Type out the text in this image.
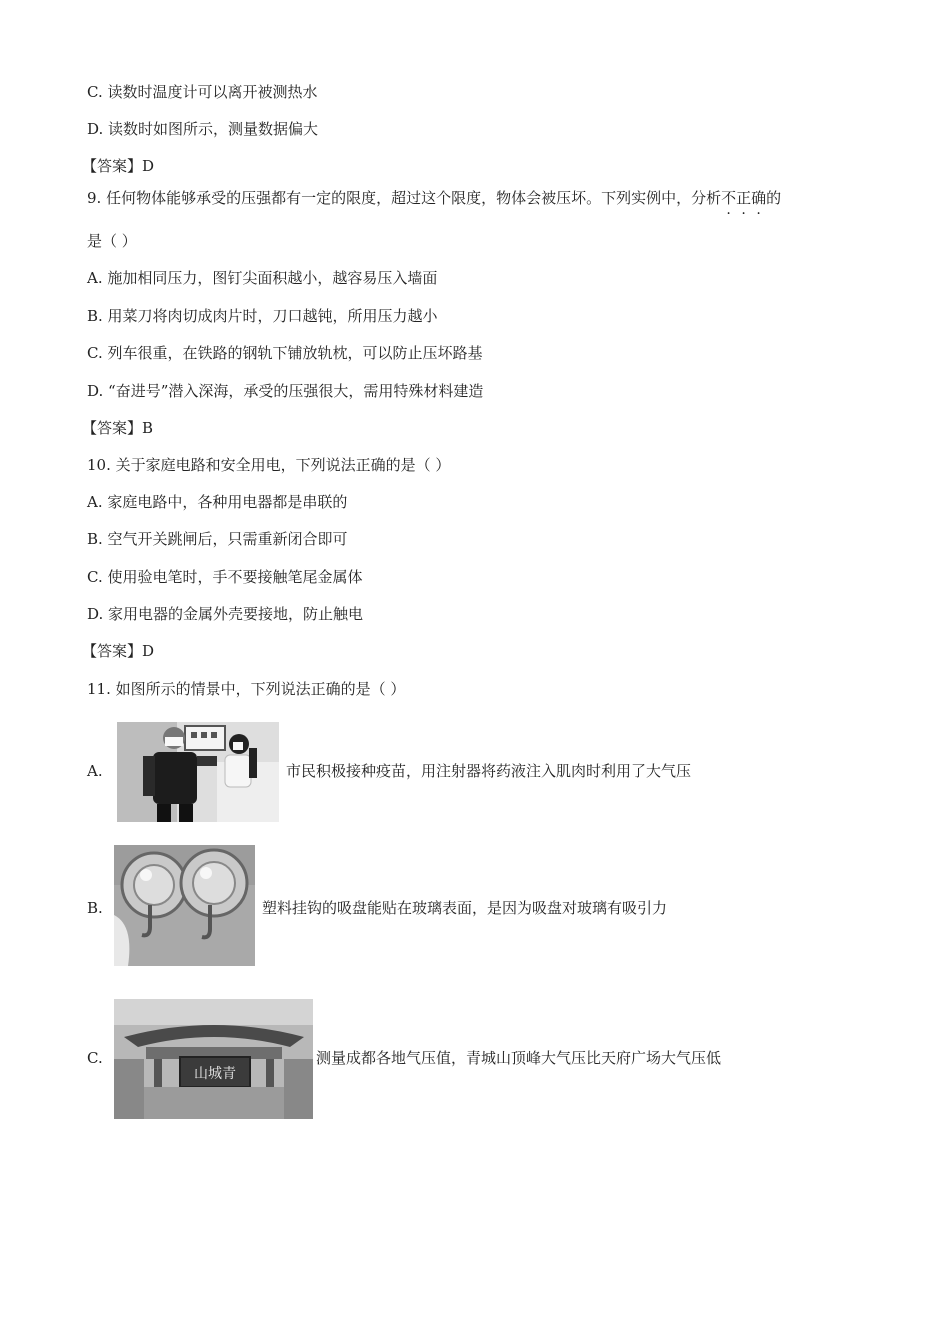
C. 读数时温度计可以离开被测热水
D. 读数时如图所示，测量数据偏大
【答案】D
9. 任何物体能够承受的压强都有一定的限度，超过这个限度，物体会被压坏。下列实例中，分析不正确的
是（ ）
A. 施加相同压力，图钉尖面积越小，越容易压入墙面
B. 用菜刀将肉切成肉片时，刀口越钝，所用压力越小
C. 列车很重，在铁路的钢轨下铺放轨枕，可以防止压坏路基
D. “奋进号”潜入深海，承受的压强很大，需用特殊材料建造
【答案】B
10. 关于家庭电路和安全用电，下列说法正确的是（ ）
A. 家庭电路中，各种用电器都是串联的
B. 空气开关跳闸后，只需重新闭合即可
C. 使用验电笔时，手不要接触笔尾金属体
D. 家用电器的金属外壳要接地，防止触电
【答案】D
11. 如图所示的情景中，下列说法正确的是（ ）
A.	市民积极接种疫苗，用注射器将药液注入肌肉时利用了大气压
B.	塑料挂钩的吸盘能贴在玻璃表面，是因为吸盘对玻璃有吸引力
C.
山城青
测量成都各地气压值，青城山顶峰大气压比天府广场大气压低
